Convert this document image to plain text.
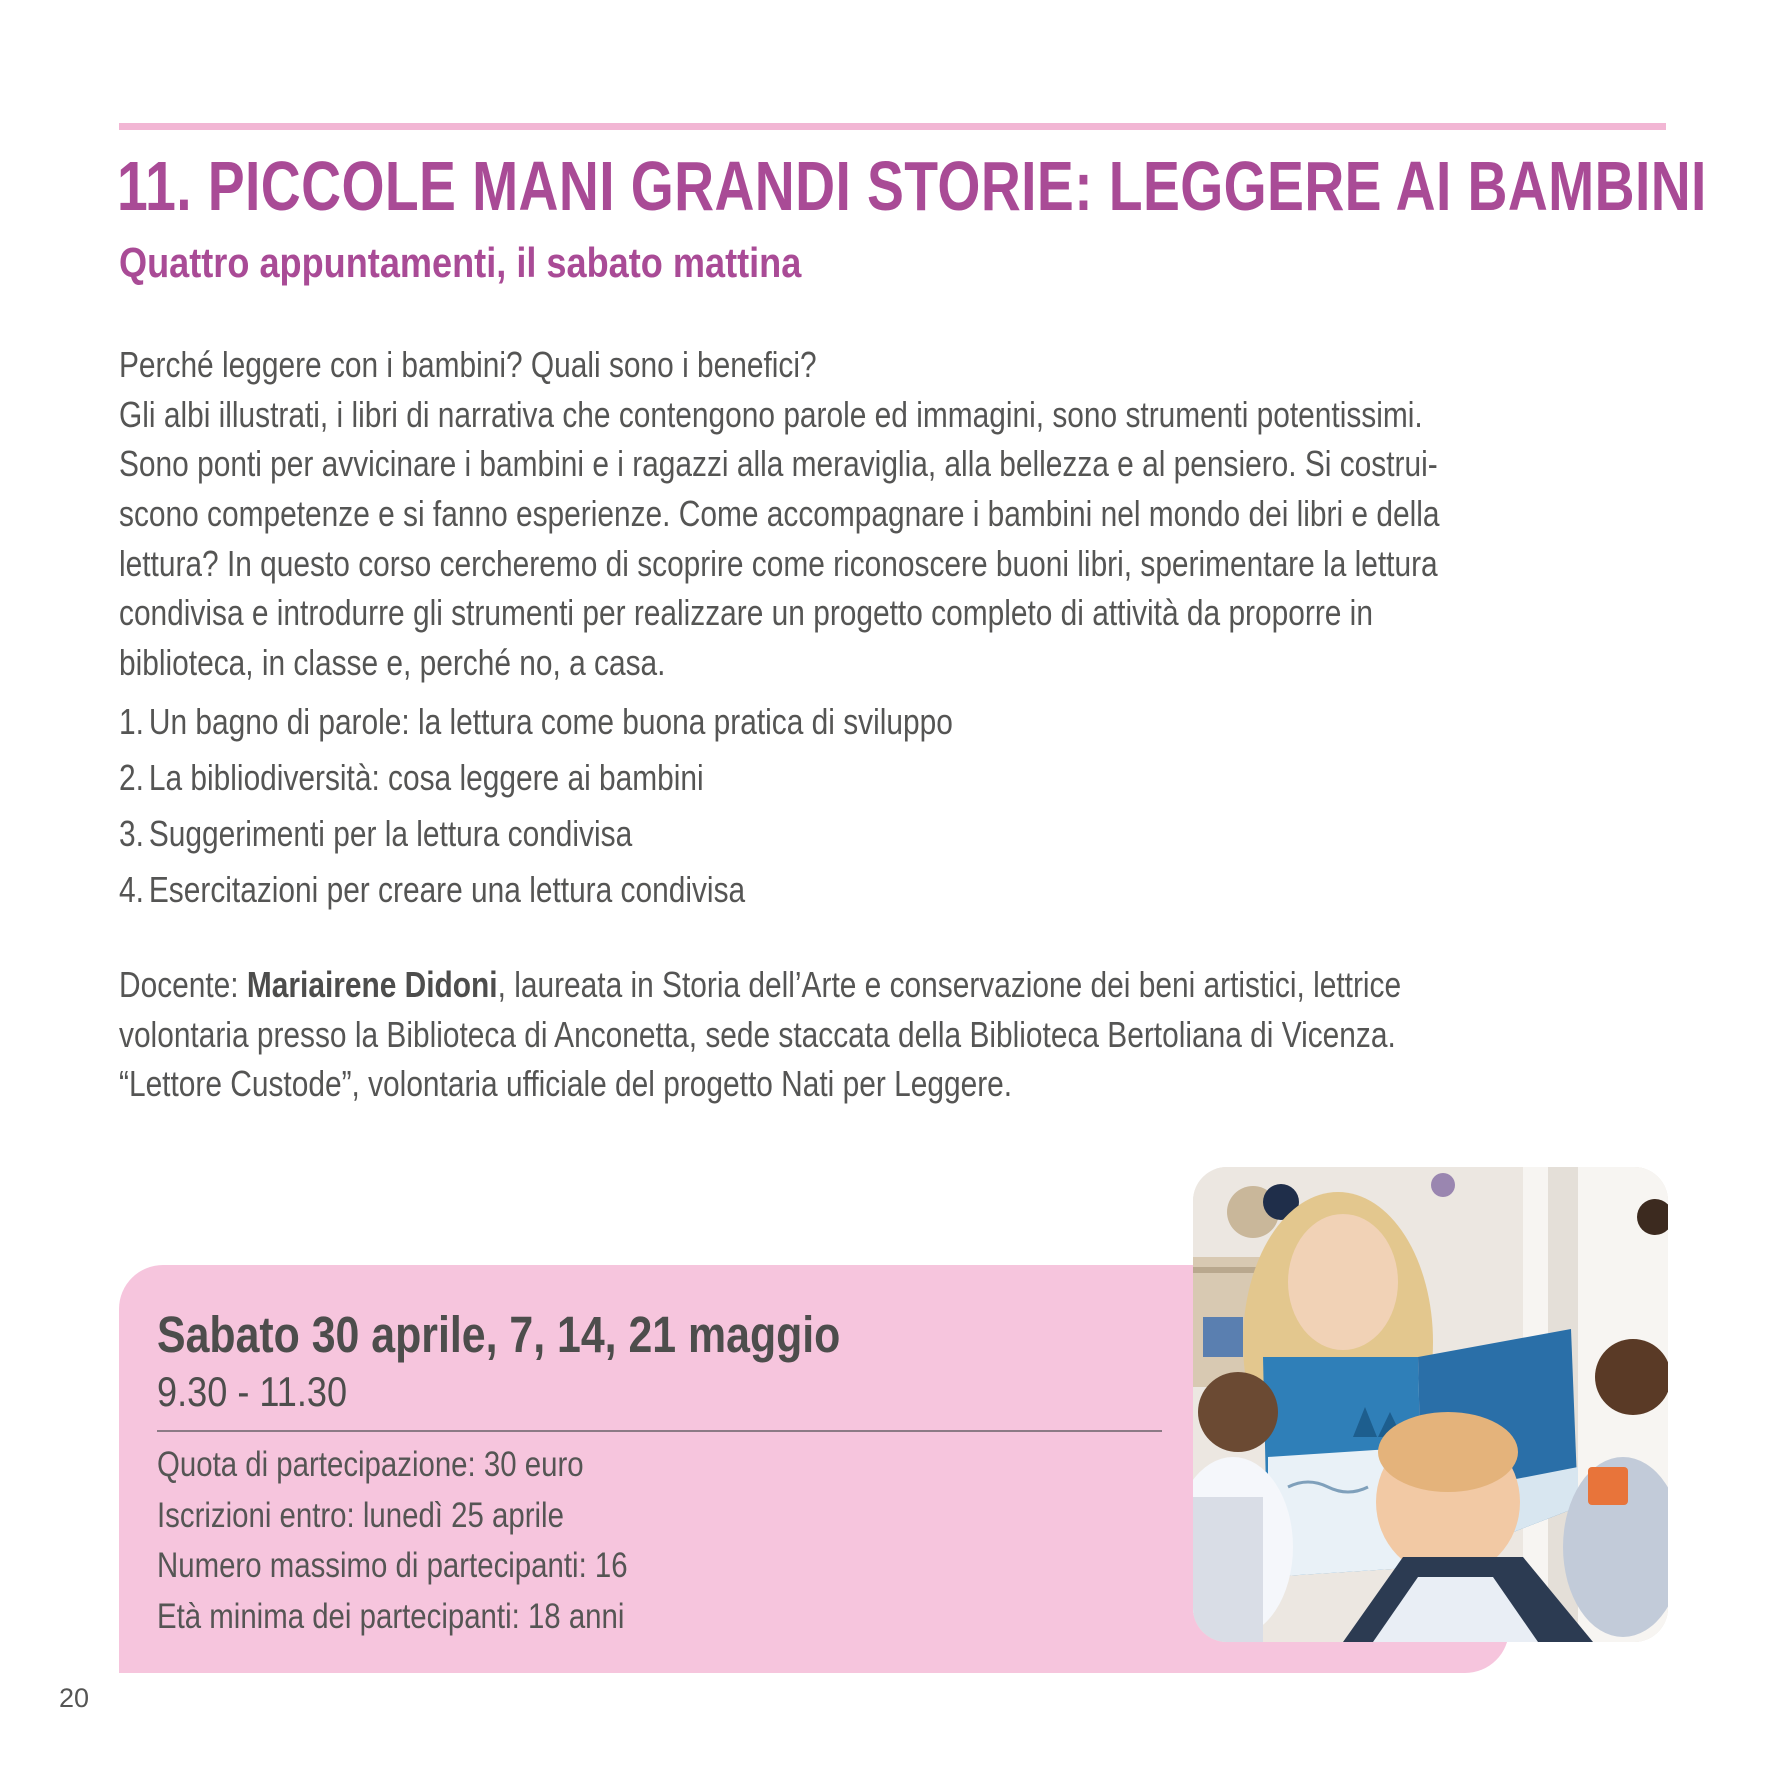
11. PICCOLE MANI GRANDI STORIE: LEGGERE AI BAMBINI
Quattro appuntamenti, il sabato mattina
Perché leggere con i bambini? Quali sono i benefici?
Gli albi illustrati, i libri di narrativa che contengono parole ed immagini, sono strumenti potentissimi.
Sono ponti per avvicinare i bambini e i ragazzi alla meraviglia, alla bellezza e al pensiero. Si costrui-
scono competenze e si fanno esperienze. Come accompagnare i bambini nel mondo dei libri e della
lettura? In questo corso cercheremo di scoprire come riconoscere buoni libri, sperimentare la lettura
condivisa e introdurre gli strumenti per realizzare un progetto completo di attività da proporre in
biblioteca, in classe e, perché no, a casa.
1. Un bagno di parole: la lettura come buona pratica di sviluppo
2. La bibliodiversità: cosa leggere ai bambini
3. Suggerimenti per la lettura condivisa
4. Esercitazioni per creare una lettura condivisa
Docente: Mariairene Didoni, laureata in Storia dell’Arte e conservazione dei beni artistici, lettrice
volontaria presso la Biblioteca di Anconetta, sede staccata della Biblioteca Bertoliana di Vicenza.
“Lettore Custode”, volontaria ufficiale del progetto Nati per Leggere.
Sabato 30 aprile, 7, 14, 21 maggio
9.30 - 11.30
Quota di partecipazione: 30 euro
Iscrizioni entro: lunedì 25 aprile
Numero massimo di partecipanti: 16
Età minima dei partecipanti: 18 anni
20
